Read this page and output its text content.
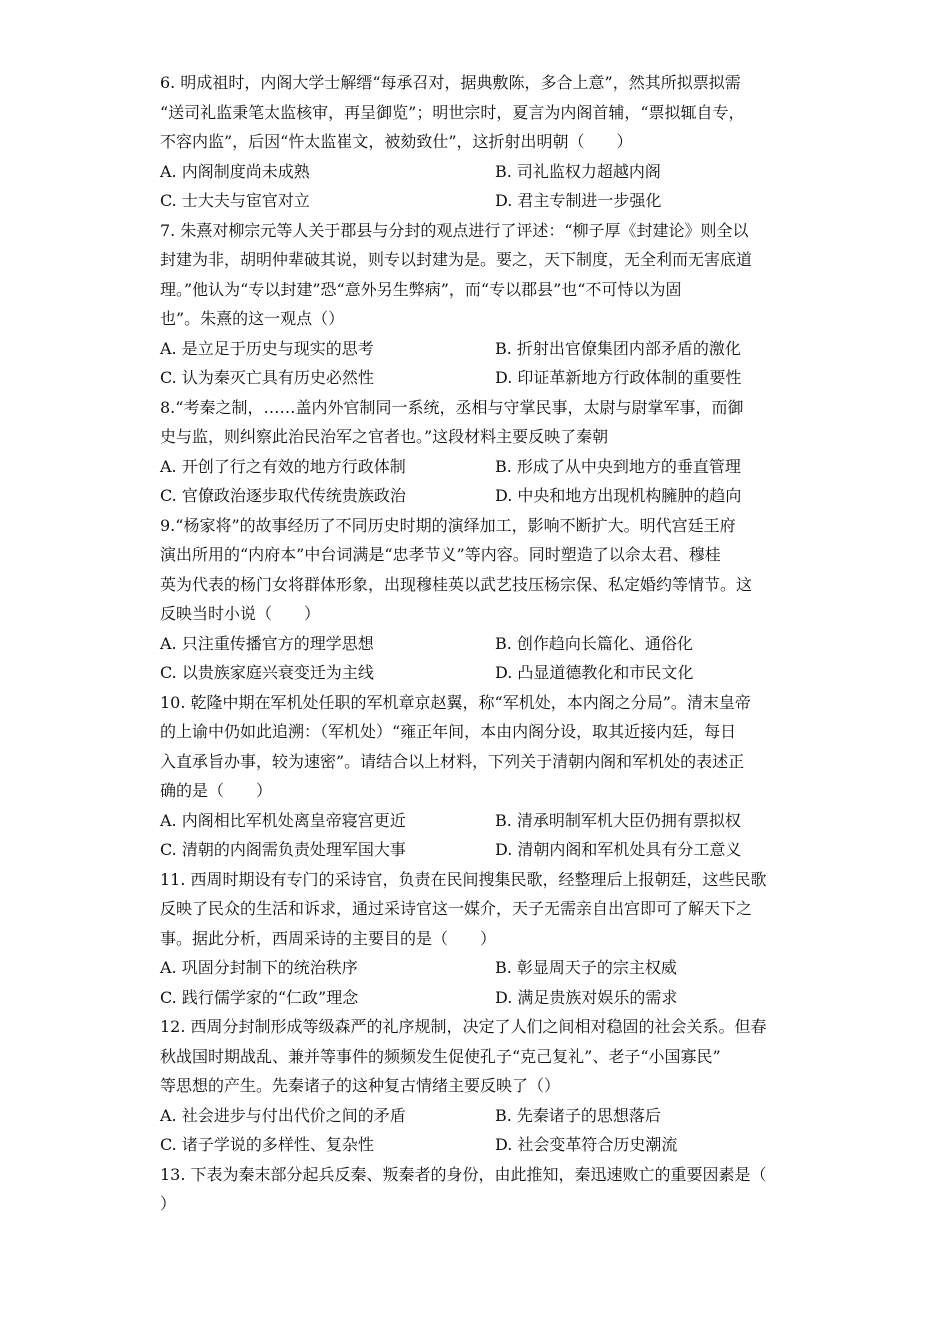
6. 明成祖时，内阁大学士解缙“每承召对，据典敷陈，多合上意”，然其所拟票拟需
“送司礼监秉笔太监核审，再呈御览”；明世宗时，夏言为内阁首辅，“票拟辄自专，
不容内监”，后因“忤太监崔文，被劾致仕”，这折射出明朝（　　）
A. 内阁制度尚未成熟	B. 司礼监权力超越内阁
C. 士大夫与宦官对立	D. 君主专制进一步强化
7. 朱熹对柳宗元等人关于郡县与分封的观点进行了评述：“柳子厚《封建论》则全以
封建为非，胡明仲辈破其说，则专以封建为是。要之，天下制度，无全利而无害底道
理。”他认为“专以封建”恐“意外另生弊病”，而“专以郡县”也“不可恃以为固
也”。朱熹的这一观点（）
A. 是立足于历史与现实的思考	B. 折射出官僚集团内部矛盾的激化
C. 认为秦灭亡具有历史必然性	D. 印证革新地方行政体制的重要性
8.“考秦之制，……盖内外官制同一系统，丞相与守掌民事，太尉与尉掌军事，而御
史与监，则纠察此治民治军之官者也。”这段材料主要反映了秦朝
A. 开创了行之有效的地方行政体制	B. 形成了从中央到地方的垂直管理
C. 官僚政治逐步取代传统贵族政治	D. 中央和地方出现机构臃肿的趋向
9.“杨家将”的故事经历了不同历史时期的演绎加工，影响不断扩大。明代宫廷王府
演出所用的“内府本”中台词满是“忠孝节义”等内容。同时塑造了以佘太君、穆桂
英为代表的杨门女将群体形象，出现穆桂英以武艺技压杨宗保、私定婚约等情节。这
反映当时小说（　　）
A. 只注重传播官方的理学思想	B. 创作趋向长篇化、通俗化
C. 以贵族家庭兴衰变迁为主线	D. 凸显道德教化和市民文化
10. 乾隆中期在军机处任职的军机章京赵翼，称“军机处，本内阁之分局”。清末皇帝
的上谕中仍如此追溯：（军机处）“雍正年间，本由内阁分设，取其近接内廷，每日
入直承旨办事，较为速密”。请结合以上材料，下列关于清朝内阁和军机处的表述正
确的是（　　）
A. 内阁相比军机处离皇帝寝宫更近	B. 清承明制军机大臣仍拥有票拟权
C. 清朝的内阁需负责处理军国大事	D. 清朝内阁和军机处具有分工意义
11. 西周时期设有专门的采诗官，负责在民间搜集民歌，经整理后上报朝廷，这些民歌
反映了民众的生活和诉求，通过采诗官这一媒介，天子无需亲自出宫即可了解天下之
事。据此分析，西周采诗的主要目的是（　　）
A. 巩固分封制下的统治秩序	B. 彰显周天子的宗主权威
C. 践行儒学家的“仁政”理念	D. 满足贵族对娱乐的需求
12. 西周分封制形成等级森严的礼序规制，决定了人们之间相对稳固的社会关系。但春
秋战国时期战乱、兼并等事件的频频发生促使孔子“克己复礼”、老子“小国寡民”
等思想的产生。先秦诸子的这种复古情绪主要反映了（）
A. 社会进步与付出代价之间的矛盾	B. 先秦诸子的思想落后
C. 诸子学说的多样性、复杂性	D. 社会变革符合历史潮流
13. 下表为秦末部分起兵反秦、叛秦者的身份，由此推知，秦迅速败亡的重要因素是（
）
